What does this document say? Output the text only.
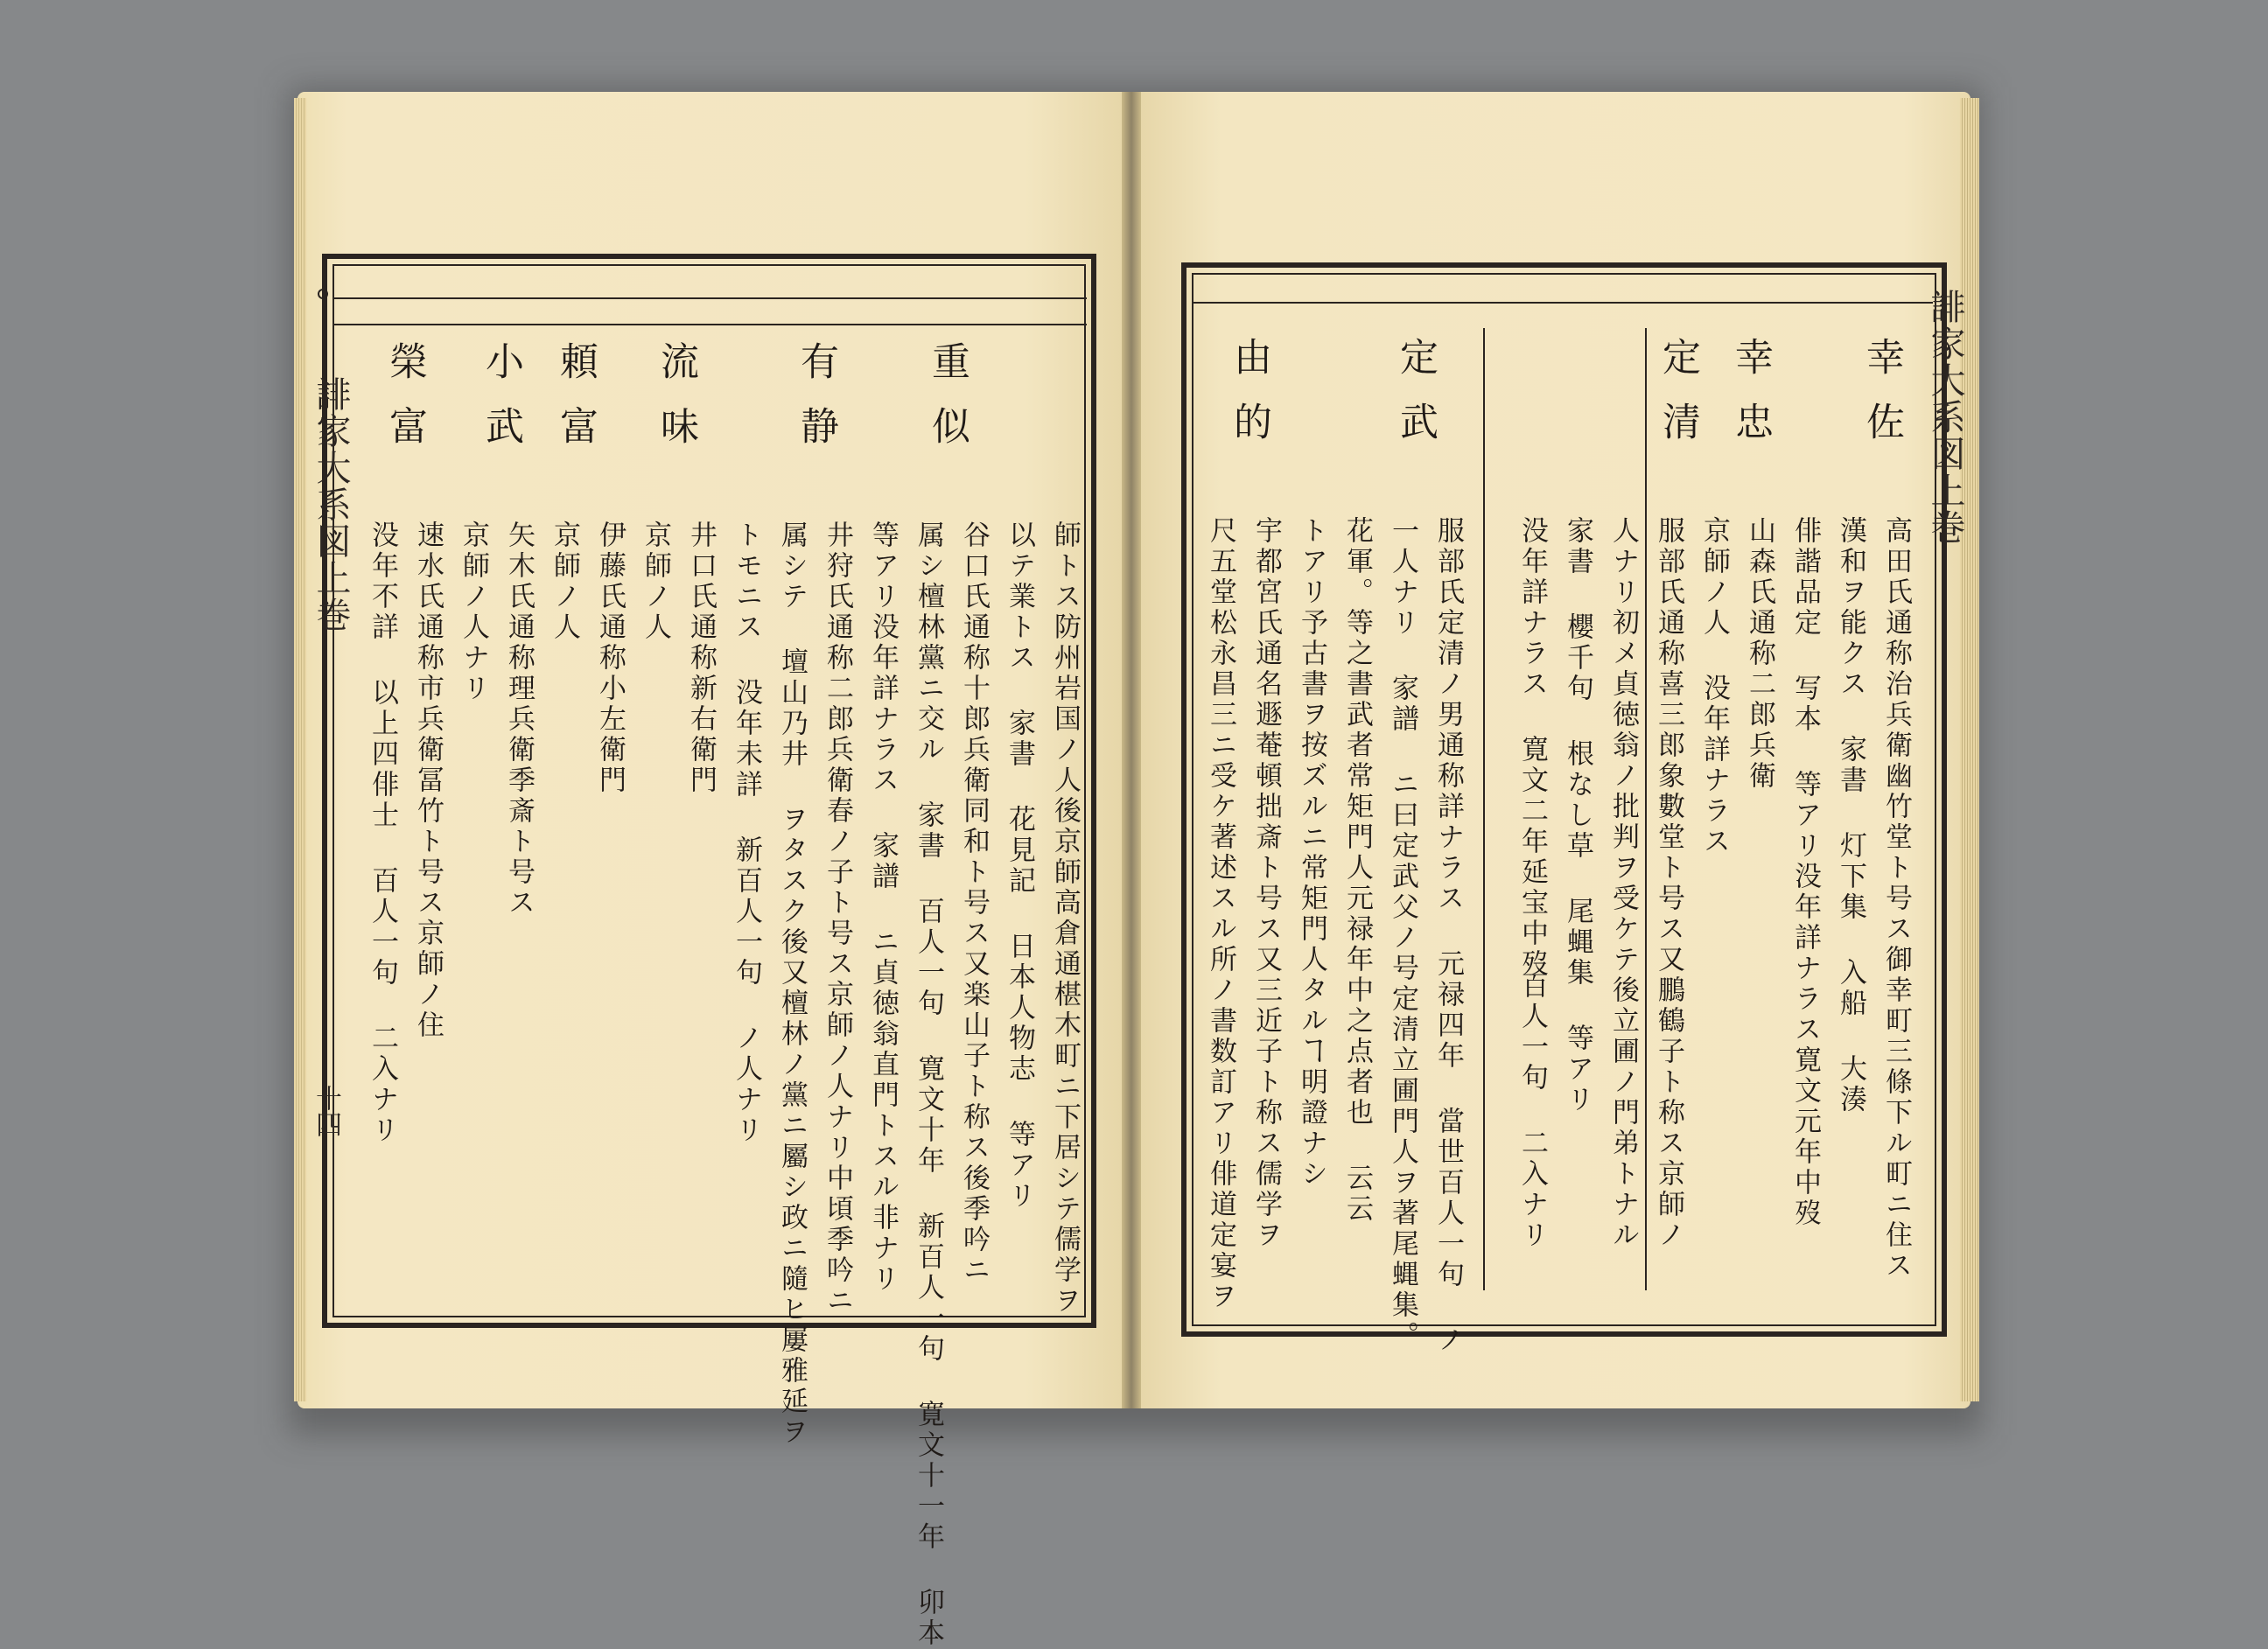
誹家大系図上巻
十四
重似
有静
流味
頼富
小武
榮富
師トス防州岩国ノ人後京師高倉通椹木町ニ下居シテ儒学ヲ
以テ業トス 家書 花見記 日本人物志 等アリ
谷口氏通称十郎兵衛同和ト号ス又楽山子ト称ス後季吟ニ
属シ檀林黨ニ交ル 家書 百人一句 寛文十年 新百人一句 寛文十一年 卯本
等アリ没年詳ナラス 家譜 ニ貞徳翁直門トスル非ナリ
井狩氏通称二郎兵衛春ノ子ト号ス京師ノ人ナリ中頃季吟ニ
属シテ 壇山乃井 ヲタスク後又檀林ノ黨ニ屬シ政ニ隨ヒ屢雅延ヲ
トモニス 没年未詳 新百人一句 ノ人ナリ
井口氏通称新右衛門
京師ノ人
伊藤氏通称小左衛門
京師ノ人
矢木氏通称理兵衛季斎ト号ス
京師ノ人ナリ
速水氏通称市兵衛冨竹ト号ス京師ノ住
没年不詳 以上四俳士 百人一句 二入ナリ
誹家大系図上巻
幸佐
幸忠
定清
定武
由的
高田氏通称治兵衛幽竹堂ト号ス御幸町三條下ル町ニ住ス
漢和ヲ能クス 家書 灯下集 入船 大湊
俳諧品定 写本 等アリ没年詳ナラス寛文元年中歿
山森氏通称二郎兵衛
京師ノ人 没年詳ナラス
服部氏通称喜三郎象數堂ト号ス又鵬鶴子ト称ス京師ノ
人ナリ初メ貞徳翁ノ批判ヲ受ケテ後立圃ノ門弟トナル
家書 櫻千句 根なし草 尾蝿集 等アリ
没年詳ナラス 寛文二年延宝中歿
百人一句 二入ナリ
服部氏定清ノ男通称詳ナラス 元禄四年 當世百人一句 ノ
一人ナリ 家譜 ニ曰定武父ノ号定清立圃門人ヲ著尾蝿集。
花軍。等之書武者常矩門人元禄年中之点者也 云云
トアリ予古書ヲ按ズルニ常矩門人タルヿ明證ナシ
宇都宮氏通名遯菴頓拙斎ト号ス又三近子ト称ス儒学ヲ
尺五堂松永昌三ニ受ケ著述スル所ノ書数訂アリ俳道定宴ヲ
